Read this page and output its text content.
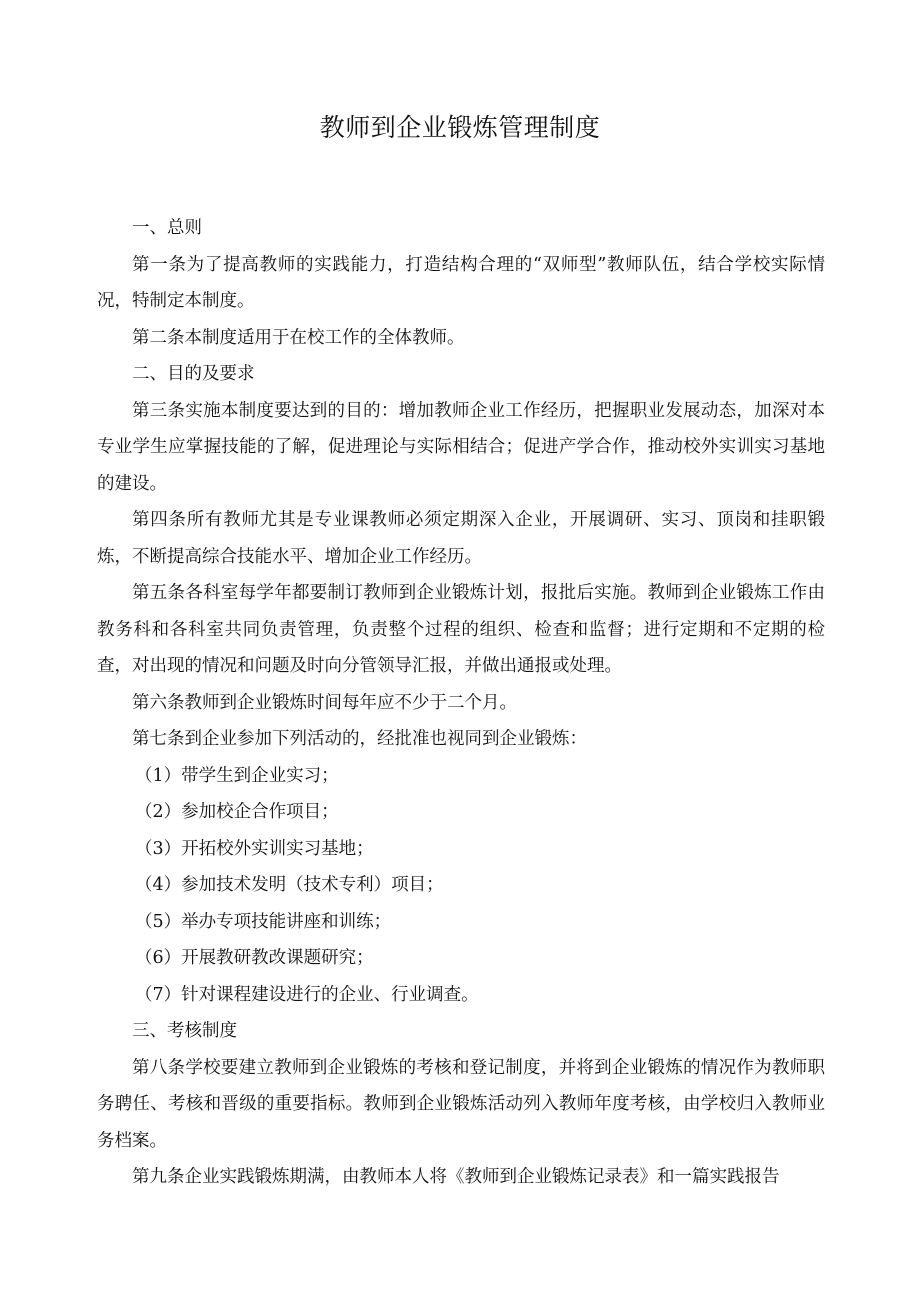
教师到企业锻炼管理制度

一、总则

第一条为了提高教师的实践能力，打造结构合理的“双师型”教师队伍，结合学校实际情况，特制定本制度。

第二条本制度适用于在校工作的全体教师。

二、目的及要求

第三条实施本制度要达到的目的：增加教师企业工作经历，把握职业发展动态，加深对本专业学生应掌握技能的了解，促进理论与实际相结合；促进产学合作，推动校外实训实习基地的建设。

第四条所有教师尤其是专业课教师必须定期深入企业，开展调研、实习、顶岗和挂职锻炼，不断提高综合技能水平、增加企业工作经历。

第五条各科室每学年都要制订教师到企业锻炼计划，报批后实施。教师到企业锻炼工作由教务科和各科室共同负责管理，负责整个过程的组织、检查和监督；进行定期和不定期的检查，对出现的情况和问题及时向分管领导汇报，并做出通报或处理。

第六条教师到企业锻炼时间每年应不少于二个月。

第七条到企业参加下列活动的，经批准也视同到企业锻炼：

（1）带学生到企业实习；

（2）参加校企合作项目；

（3）开拓校外实训实习基地；

（4）参加技术发明（技术专利）项目；

（5）举办专项技能讲座和训练；

（6）开展教研教改课题研究；

（7）针对课程建设进行的企业、行业调查。

三、考核制度

第八条学校要建立教师到企业锻炼的考核和登记制度，并将到企业锻炼的情况作为教师职务聘任、考核和晋级的重要指标。教师到企业锻炼活动列入教师年度考核，由学校归入教师业务档案。

第九条企业实践锻炼期满，由教师本人将《教师到企业锻炼记录表》和一篇实践报告
